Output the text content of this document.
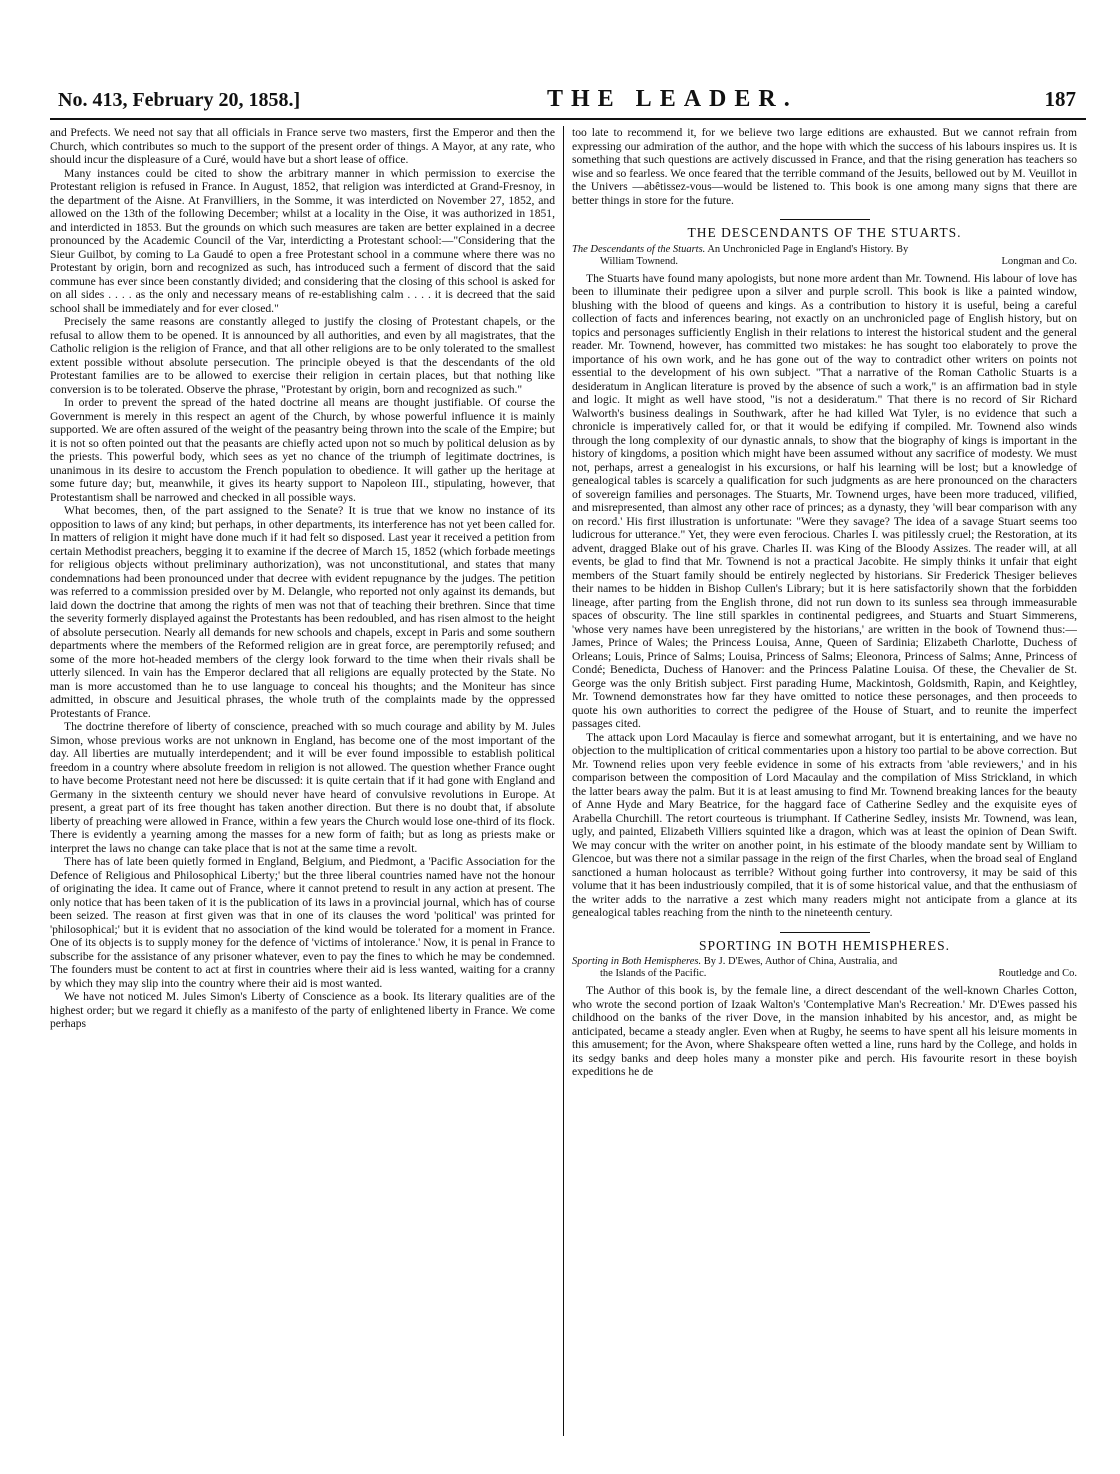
No. 413, February 20, 1858.]	THE LEADER.	187

and Prefects. We need not say that all officials in France serve two masters, first the Emperor and then the Church, which contributes so much to the support of the present order of things. A Mayor, at any rate, who should incur the displeasure of a Curé, would have but a short lease of office.

Many instances could be cited to show the arbitrary manner in which permission to exercise the Protestant religion is refused in France. In August, 1852, that religion was interdicted at Grand-Fresnoy, in the department of the Aisne. At Franvilliers, in the Somme, it was interdicted on November 27, 1852, and allowed on the 13th of the following December; whilst at a locality in the Oise, it was authorized in 1851, and interdicted in 1853. But the grounds on which such measures are taken are better explained in a decree pronounced by the Academic Council of the Var, interdicting a Protestant school:—"Considering that the Sieur Guilbot, by coming to La Gaudé to open a free Protestant school in a commune where there was no Protestant by origin, born and recognized as such, has introduced such a ferment of discord that the said commune has ever since been constantly divided; and considering that the closing of this school is asked for on all sides . . . . as the only and necessary means of re-establishing calm . . . . it is decreed that the said school shall be immediately and for ever closed."

Precisely the same reasons are constantly alleged to justify the closing of Protestant chapels, or the refusal to allow them to be opened. It is announced by all authorities, and even by all magistrates, that the Catholic religion is the religion of France, and that all other religions are to be only tolerated to the smallest extent possible without absolute persecution. The principle obeyed is that the descendants of the old Protestant families are to be allowed to exercise their religion in certain places, but that nothing like conversion is to be tolerated. Observe the phrase, "Protestant by origin, born and recognized as such."

In order to prevent the spread of the hated doctrine all means are thought justifiable. Of course the Government is merely in this respect an agent of the Church, by whose powerful influence it is mainly supported. We are often assured of the weight of the peasantry being thrown into the scale of the Empire; but it is not so often pointed out that the peasants are chiefly acted upon not so much by political delusion as by the priests. This powerful body, which sees as yet no chance of the triumph of legitimate doctrines, is unanimous in its desire to accustom the French population to obedience. It will gather up the heritage at some future day; but, meanwhile, it gives its hearty support to Napoleon III., stipulating, however, that Protestantism shall be narrowed and checked in all possible ways.

What becomes, then, of the part assigned to the Senate? It is true that we know no instance of its opposition to laws of any kind; but perhaps, in other departments, its interference has not yet been called for. In matters of religion it might have done much if it had felt so disposed. Last year it received a petition from certain Methodist preachers, begging it to examine if the decree of March 15, 1852 (which forbade meetings for religious objects without preliminary authorization), was not unconstitutional, and states that many condemnations had been pronounced under that decree with evident repugnance by the judges. The petition was referred to a commission presided over by M. Delangle, who reported not only against its demands, but laid down the doctrine that among the rights of men was not that of teaching their brethren. Since that time the severity formerly displayed against the Protestants has been redoubled, and has risen almost to the height of absolute persecution. Nearly all demands for new schools and chapels, except in Paris and some southern departments where the members of the Reformed religion are in great force, are peremptorily refused; and some of the more hot-headed members of the clergy look forward to the time when their rivals shall be utterly silenced. In vain has the Emperor declared that all religions are equally protected by the State. No man is more accustomed than he to use language to conceal his thoughts; and the Moniteur has since admitted, in obscure and Jesuitical phrases, the whole truth of the complaints made by the oppressed Protestants of France.

The doctrine therefore of liberty of conscience, preached with so much courage and ability by M. Jules Simon, whose previous works are not unknown in England, has become one of the most important of the day. All liberties are mutually interdependent; and it will be ever found impossible to establish political freedom in a country where absolute freedom in religion is not allowed. The question whether France ought to have become Protestant need not here be discussed: it is quite certain that if it had gone with England and Germany in the sixteenth century we should never have heard of convulsive revolutions in Europe. At present, a great part of its free thought has taken another direction. But there is no doubt that, if absolute liberty of preaching were allowed in France, within a few years the Church would lose one-third of its flock. There is evidently a yearning among the masses for a new form of faith; but as long as priests make or interpret the laws no change can take place that is not at the same time a revolt.

There has of late been quietly formed in England, Belgium, and Piedmont, a 'Pacific Association for the Defence of Religious and Philosophical Liberty;' but the three liberal countries named have not the honour of originating the idea. It came out of France, where it cannot pretend to result in any action at present. The only notice that has been taken of it is the publication of its laws in a provincial journal, which has of course been seized. The reason at first given was that in one of its clauses the word 'political' was printed for 'philosophical;' but it is evident that no association of the kind would be tolerated for a moment in France. One of its objects is to supply money for the defence of 'victims of intolerance.' Now, it is penal in France to subscribe for the assistance of any prisoner whatever, even to pay the fines to which he may be condemned. The founders must be content to act at first in countries where their aid is less wanted, waiting for a cranny by which they may slip into the country where their aid is most wanted.

We have not noticed M. Jules Simon's Liberty of Conscience as a book. Its literary qualities are of the highest order; but we regard it chiefly as a manifesto of the party of enlightened liberty in France. We come perhaps

too late to recommend it, for we believe two large editions are exhausted. But we cannot refrain from expressing our admiration of the author, and the hope with which the success of his labours inspires us. It is something that such questions are actively discussed in France, and that the rising generation has teachers so wise and so fearless. We once feared that the terrible command of the Jesuits, bellowed out by M. Veuillot in the Univers —abêtissez-vous—would be listened to. This book is one among many signs that there are better things in store for the future.

THE DESCENDANTS OF THE STUARTS.
The Descendants of the Stuarts. An Unchronicled Page in England's History. By
William Townend.	Longman and Co.

The Stuarts have found many apologists, but none more ardent than Mr. Townend. His labour of love has been to illuminate their pedigree upon a silver and purple scroll. This book is like a painted window, blushing with the blood of queens and kings. As a contribution to history it is useful, being a careful collection of facts and inferences bearing, not exactly on an unchronicled page of English history, but on topics and personages sufficiently English in their relations to interest the historical student and the general reader. Mr. Townend, however, has committed two mistakes: he has sought too elaborately to prove the importance of his own work, and he has gone out of the way to contradict other writers on points not essential to the development of his own subject. "That a narrative of the Roman Catholic Stuarts is a desideratum in Anglican literature is proved by the absence of such a work," is an affirmation bad in style and logic. It might as well have stood, "is not a desideratum." That there is no record of Sir Richard Walworth's business dealings in Southwark, after he had killed Wat Tyler, is no evidence that such a chronicle is imperatively called for, or that it would be edifying if compiled. Mr. Townend also winds through the long complexity of our dynastic annals, to show that the biography of kings is important in the history of kingdoms, a position which might have been assumed without any sacrifice of modesty. We must not, perhaps, arrest a genealogist in his excursions, or half his learning will be lost; but a knowledge of genealogical tables is scarcely a qualification for such judgments as are here pronounced on the characters of sovereign families and personages. The Stuarts, Mr. Townend urges, have been more traduced, vilified, and misrepresented, than almost any other race of princes; as a dynasty, they 'will bear comparison with any on record.' His first illustration is unfortunate: "Were they savage? The idea of a savage Stuart seems too ludicrous for utterance." Yet, they were even ferocious. Charles I. was pitilessly cruel; the Restoration, at its advent, dragged Blake out of his grave. Charles II. was King of the Bloody Assizes. The reader will, at all events, be glad to find that Mr. Townend is not a practical Jacobite. He simply thinks it unfair that eight members of the Stuart family should be entirely neglected by historians. Sir Frederick Thesiger believes their names to be hidden in Bishop Cullen's Library; but it is here satisfactorily shown that the forbidden lineage, after parting from the English throne, did not run down to its sunless sea through immeasurable spaces of obscurity. The line still sparkles in continental pedigrees, and Stuarts and Stuart Simmerens, 'whose very names have been unregistered by the historians,' are written in the book of Townend thus:—James, Prince of Wales; the Princess Louisa, Anne, Queen of Sardinia; Elizabeth Charlotte, Duchess of Orleans; Louis, Prince of Salms; Louisa, Princess of Salms; Eleonora, Princess of Salms; Anne, Princess of Condé; Benedicta, Duchess of Hanover: and the Princess Palatine Louisa. Of these, the Chevalier de St. George was the only British subject. First parading Hume, Mackintosh, Goldsmith, Rapin, and Keightley, Mr. Townend demonstrates how far they have omitted to notice these personages, and then proceeds to quote his own authorities to correct the pedigree of the House of Stuart, and to reunite the imperfect passages cited.

The attack upon Lord Macaulay is fierce and somewhat arrogant, but it is entertaining, and we have no objection to the multiplication of critical commentaries upon a history too partial to be above correction. But Mr. Townend relies upon very feeble evidence in some of his extracts from 'able reviewers,' and in his comparison between the composition of Lord Macaulay and the compilation of Miss Strickland, in which the latter bears away the palm. But it is at least amusing to find Mr. Townend breaking lances for the beauty of Anne Hyde and Mary Beatrice, for the haggard face of Catherine Sedley and the exquisite eyes of Arabella Churchill. The retort courteous is triumphant. If Catherine Sedley, insists Mr. Townend, was lean, ugly, and painted, Elizabeth Villiers squinted like a dragon, which was at least the opinion of Dean Swift. We may concur with the writer on another point, in his estimate of the bloody mandate sent by William to Glencoe, but was there not a similar passage in the reign of the first Charles, when the broad seal of England sanctioned a human holocaust as terrible? Without going further into controversy, it may be said of this volume that it has been industriously compiled, that it is of some historical value, and that the enthusiasm of the writer adds to the narrative a zest which many readers might not anticipate from a glance at its genealogical tables reaching from the ninth to the nineteenth century.

SPORTING IN BOTH HEMISPHERES.
Sporting in Both Hemispheres. By J. D'Ewes, Author of China, Australia, and
the Islands of the Pacific.	Routledge and Co.

The Author of this book is, by the female line, a direct descendant of the well-known Charles Cotton, who wrote the second portion of Izaak Walton's 'Contemplative Man's Recreation.' Mr. D'Ewes passed his childhood on the banks of the river Dove, in the mansion inhabited by his ancestor, and, as might be anticipated, became a steady angler. Even when at Rugby, he seems to have spent all his leisure moments in this amusement; for the Avon, where Shakspeare often wetted a line, runs hard by the College, and holds in its sedgy banks and deep holes many a monster pike and perch. His favourite resort in these boyish expeditions he de
